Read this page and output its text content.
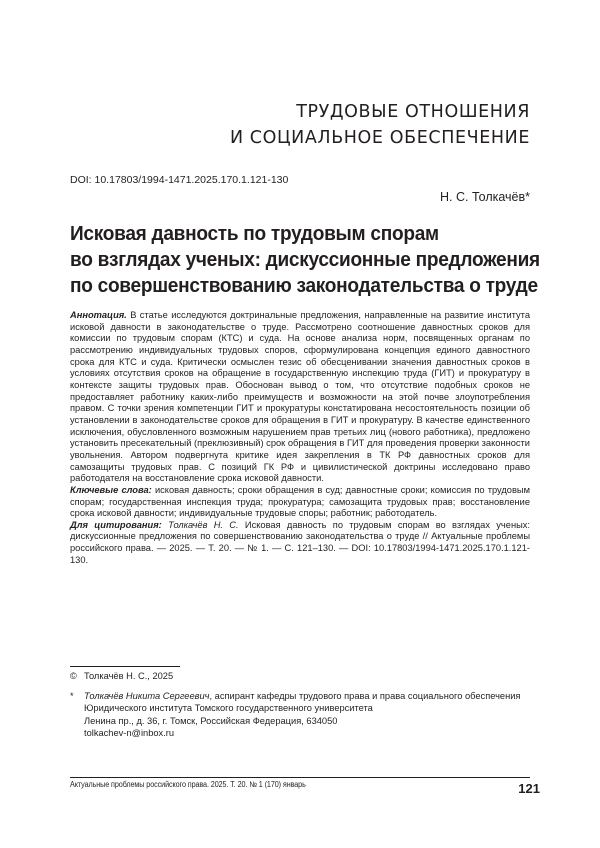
ТРУДОВЫЕ ОТНОШЕНИЯ
И СОЦИАЛЬНОЕ ОБЕСПЕЧЕНИЕ
DOI: 10.17803/1994-1471.2025.170.1.121-130
Н. С. Толкачёв*
Исковая давность по трудовым спорам
во взглядах ученых: дискуссионные предложения
по совершенствованию законодательства о труде

Аннотация. В статье исследуются доктринальные предложения, направленные на развитие института исковой давности в законодательстве о труде. Рассмотрено соотношение давностных сроков для комиссии по трудовым спорам (КТС) и суда. На основе анализа норм, посвященных органам по рассмотрению индивидуальных трудовых споров, сформулирована концепция единого давностного срока для КТС и суда. Критически осмыслен тезис об обесценивании значения давностных сроков в условиях отсутствия сроков на обращение в государственную инспекцию труда (ГИТ) и прокуратуру в контексте защиты трудовых прав. Обоснован вывод о том, что отсутствие подобных сроков не предоставляет работнику каких-либо преимуществ и возможности на этой почве злоупотребления правом. С точки зрения компетенции ГИТ и прокуратуры констатирована несостоятельность позиции об установлении в законодательстве сроков для обращения в ГИТ и прокуратуру. В качестве единственного исключения, обусловленного возможным нарушением прав третьих лиц (нового работника), предложено установить пресекательный (преклюзивный) срок обращения в ГИТ для проведения проверки законности увольнения. Автором подвергнута критике идея закрепления в ТК РФ давностных сроков для самозащиты трудовых прав. С позиций ГК РФ и цивилистической доктрины исследовано право работодателя на восстановление срока исковой давности.

Ключевые слова: исковая давность; сроки обращения в суд; давностные сроки; комиссия по трудовым спорам; государственная инспекция труда; прокуратура; самозащита трудовых прав; восстановление срока исковой давности; индивидуальные трудовые споры; работник; работодатель.

Для цитирования: Толкачёв Н. С. Исковая давность по трудовым спорам во взглядах ученых: дискуссионные предложения по совершенствованию законодательства о труде // Актуальные проблемы российского права. — 2025. — Т. 20. — № 1. — С. 121–130. — DOI: 10.17803/1994-1471.2025.170.1.121-130.

© Толкачёв Н. С., 2025
* Толкачёв Никита Сергеевич, аспирант кафедры трудового права и права социального обеспечения
Юридического института Томского государственного университета
Ленина пр., д. 36, г. Томск, Российская Федерация, 634050
tolkachev-n@inbox.ru
Актуальные проблемы российского права. 2025. Т. 20. № 1 (170) январь	121
